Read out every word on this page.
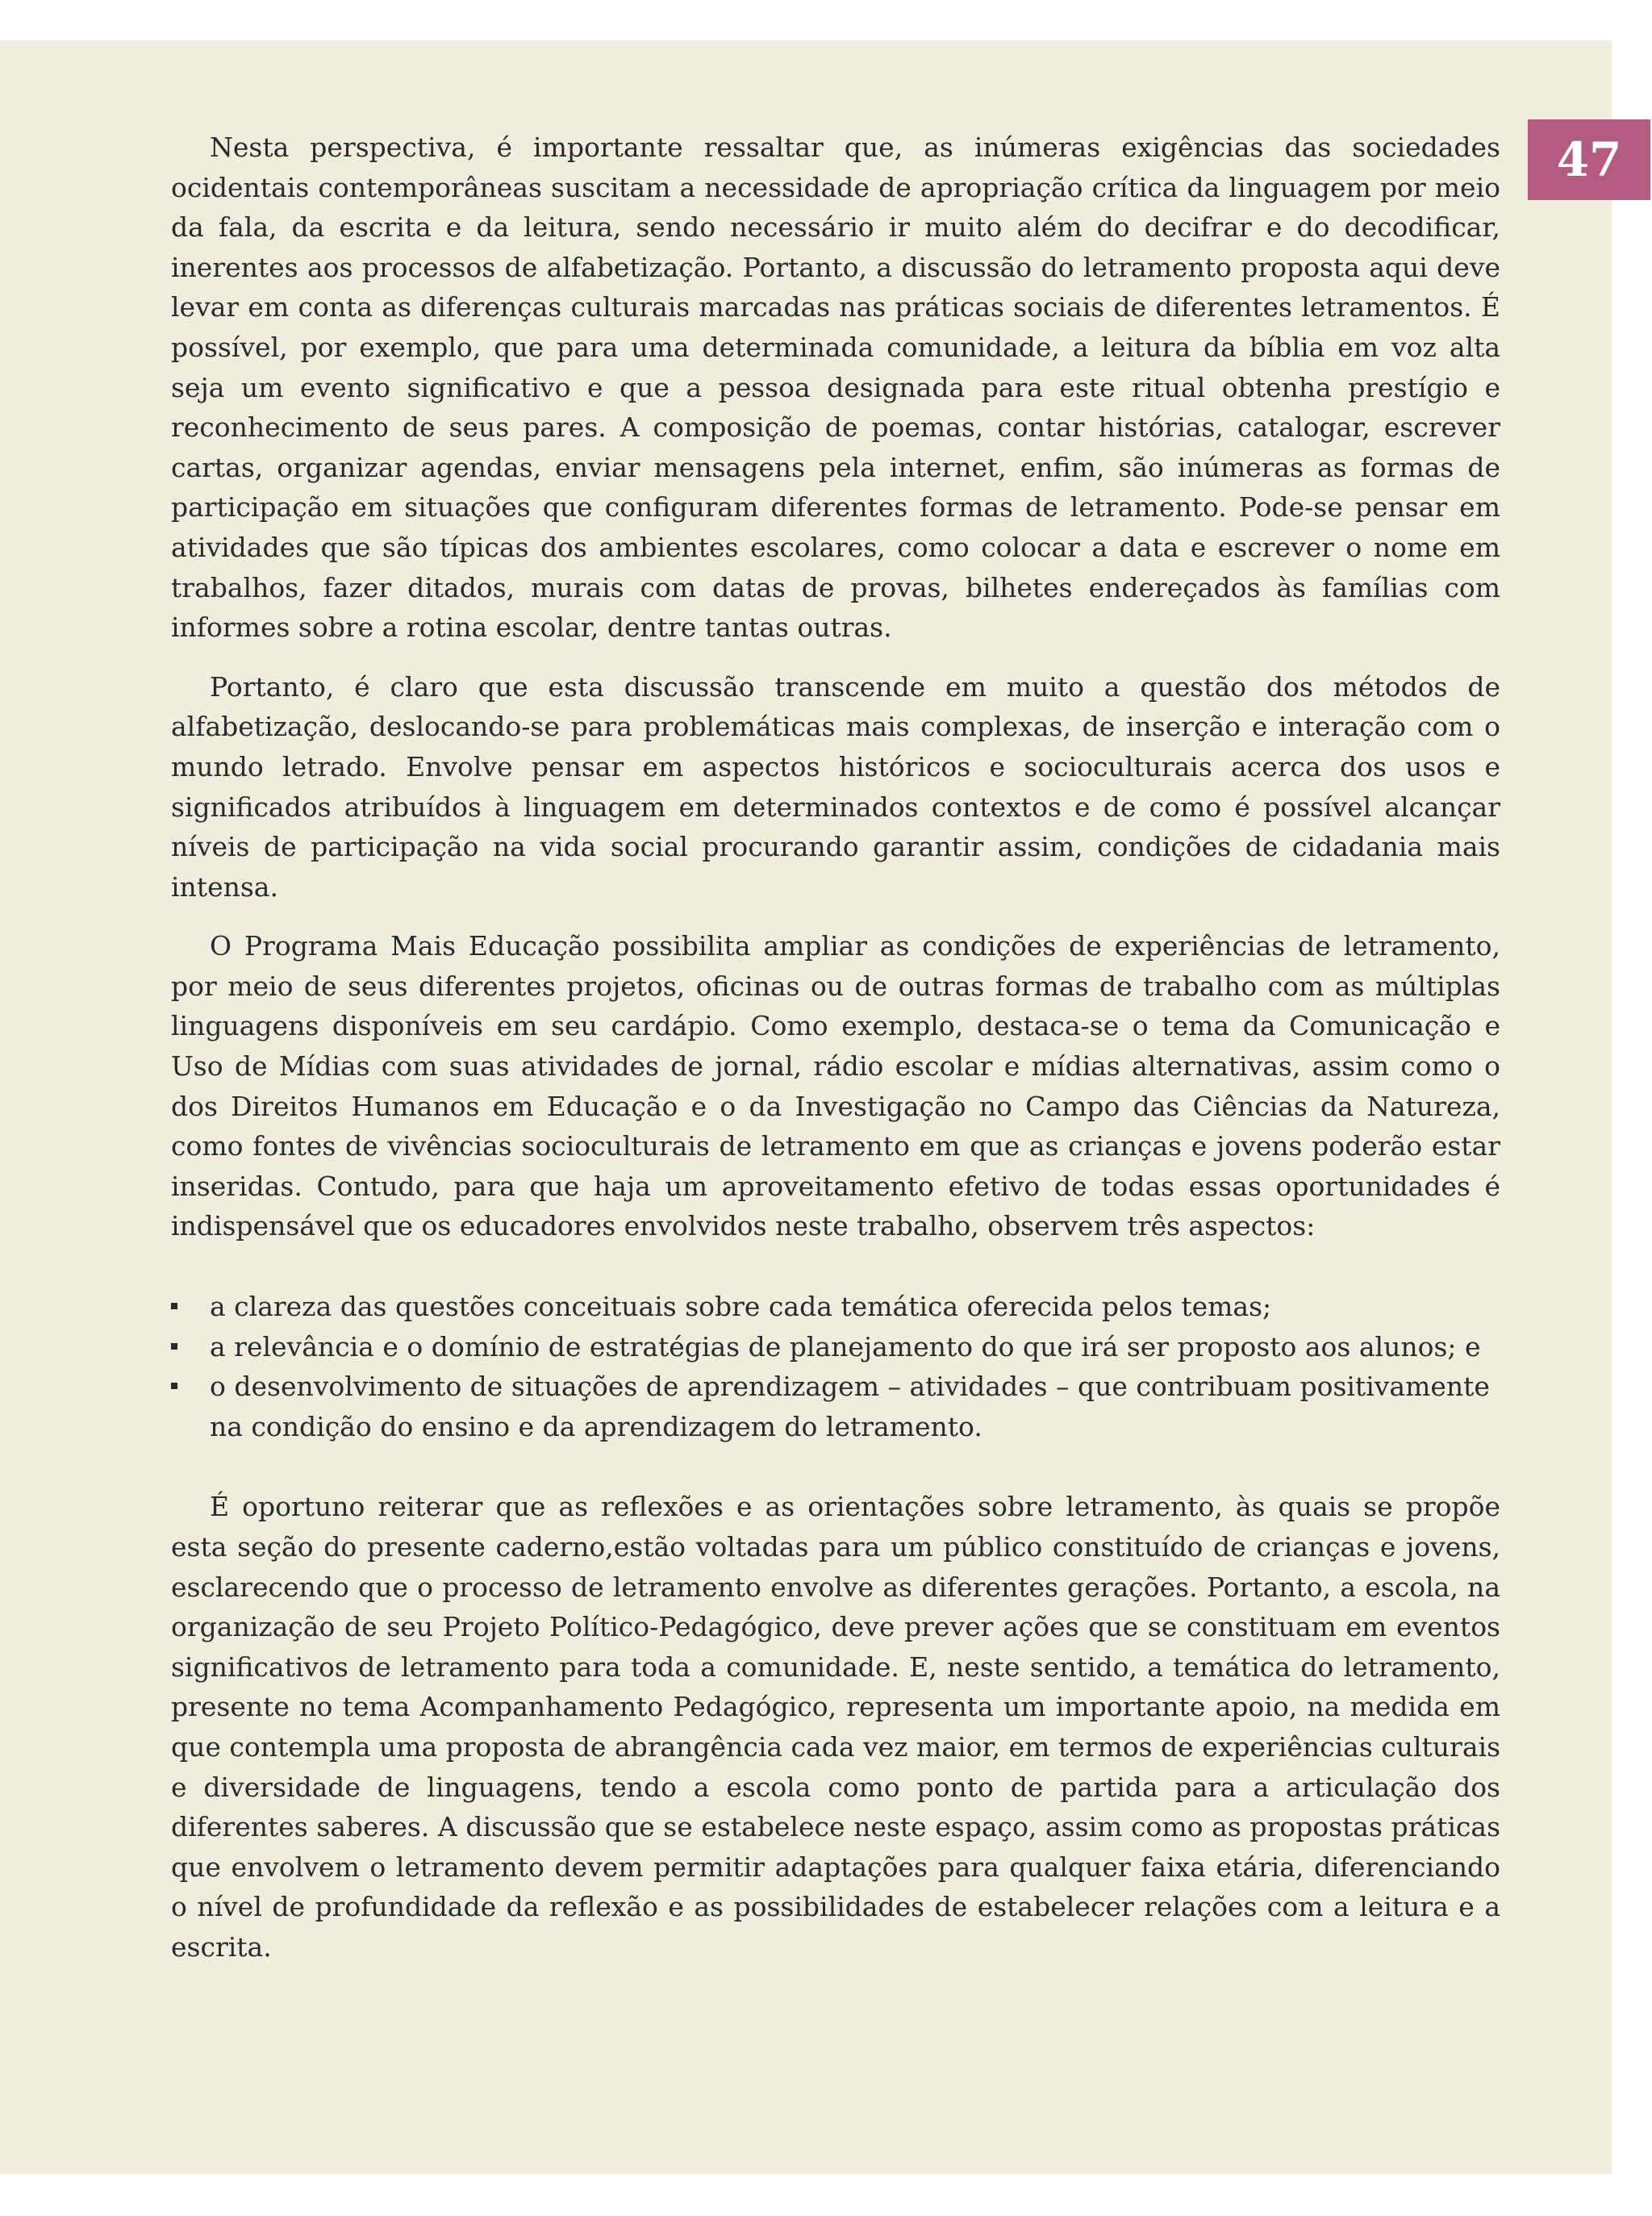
47

Nesta perspectiva, é importante ressaltar que, as inúmeras exigências das sociedades ocidentais contemporâneas suscitam a necessidade de apropriação crítica da linguagem por meio da fala, da escrita e da leitura, sendo necessário ir muito além do decifrar e do decodificar, inerentes aos processos de alfabetização. Portanto, a discussão do letramento proposta aqui deve levar em conta as diferenças culturais marcadas nas práticas sociais de diferentes letramentos. É possível, por exemplo, que para uma determinada comunidade, a leitura da bíblia em voz alta seja um evento significativo e que a pessoa designada para este ritual obtenha prestígio e reconhecimento de seus pares. A composição de poemas, contar histórias, catalogar, escrever cartas, organizar agendas, enviar mensagens pela internet, enfim, são inúmeras as formas de participação em situações que configuram diferentes formas de letramento. Pode-se pensar em atividades que são típicas dos ambientes escolares, como colocar a data e escrever o nome em trabalhos, fazer ditados, murais com datas de provas, bilhetes endereçados às famílias com informes sobre a rotina escolar, dentre tantas outras.

Portanto, é claro que esta discussão transcende em muito a questão dos métodos de alfabetização, deslocando-se para problemáticas mais complexas, de inserção e interação com o mundo letrado. Envolve pensar em aspectos históricos e socioculturais acerca dos usos e significados atribuídos à linguagem em determinados contextos e de como é possível alcançar níveis de participação na vida social procurando garantir assim, condições de cidadania mais intensa.

O Programa Mais Educação possibilita ampliar as condições de experiências de letramento, por meio de seus diferentes projetos, oficinas ou de outras formas de trabalho com as múltiplas linguagens disponíveis em seu cardápio. Como exemplo, destaca-se o tema da Comunicação e Uso de Mídias com suas atividades de jornal, rádio escolar e mídias alternativas, assim como o dos Direitos Humanos em Educação e o da Investigação no Campo das Ciências da Natureza, como fontes de vivências socioculturais de letramento em que as crianças e jovens poderão estar inseridas. Contudo, para que haja um aproveitamento efetivo de todas essas oportunidades é indispensável que os educadores envolvidos neste trabalho, observem três aspectos:

a clareza das questões conceituais sobre cada temática oferecida pelos temas;
a relevância e o domínio de estratégias de planejamento do que irá ser proposto aos alunos; e
o desenvolvimento de situações de aprendizagem – atividades – que contribuam positivamente na condição do ensino e da aprendizagem do letramento.

É oportuno reiterar que as reflexões e as orientações sobre letramento, às quais se propõe esta seção do presente caderno,estão voltadas para um público constituído de crianças e jovens, esclarecendo que o processo de letramento envolve as diferentes gerações. Portanto, a escola, na organização de seu Projeto Político-Pedagógico, deve prever ações que se constituam em eventos significativos de letramento para toda a comunidade. E, neste sentido, a temática do letramento, presente no tema Acompanhamento Pedagógico, representa um importante apoio, na medida em que contempla uma proposta de abrangência cada vez maior, em termos de experiências culturais e diversidade de linguagens, tendo a escola como ponto de partida para a articulação dos diferentes saberes. A discussão que se estabelece neste espaço, assim como as propostas práticas que envolvem o letramento devem permitir adaptações para qualquer faixa etária, diferenciando o nível de profundidade da reflexão e as possibilidades de estabelecer relações com a leitura e a escrita.
